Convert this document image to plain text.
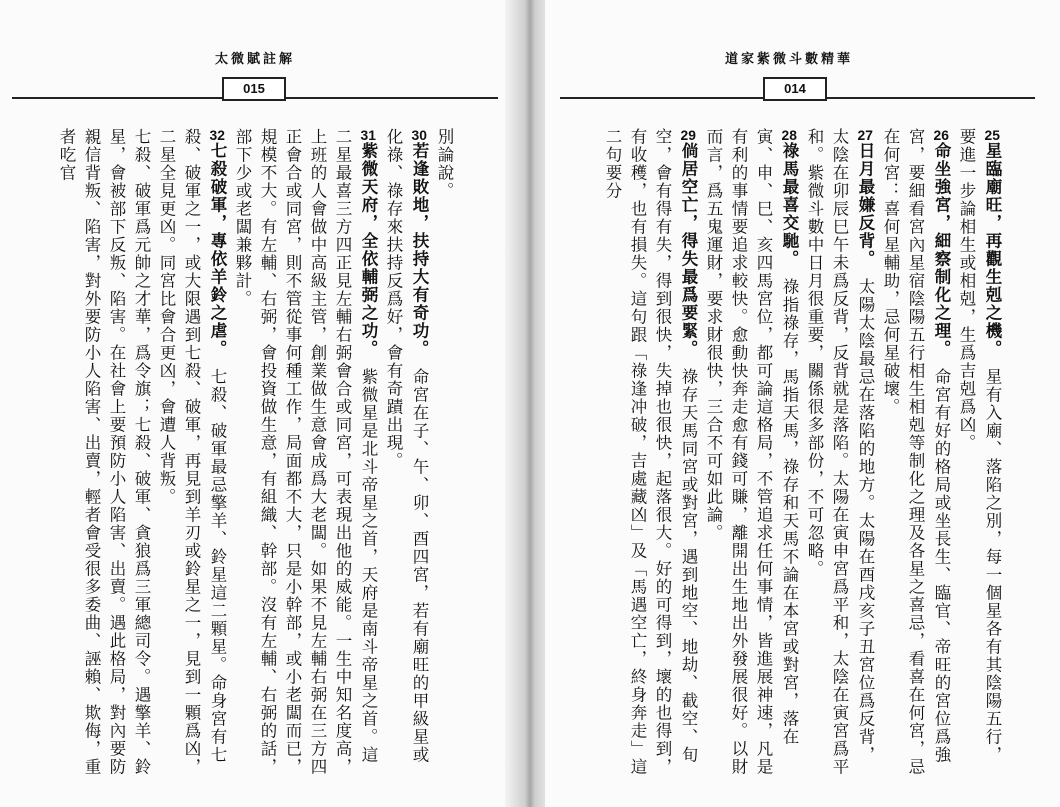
太微賦註解
015
別論說。
30若逢敗地，扶持大有奇功。　命宮在子、午、卯、酉四宮，若有廟旺的甲級星或化祿、祿存來扶持反爲好，會有奇蹟出現。
31紫微天府，全依輔弼之功。　紫微星是北斗帝星之首，天府是南斗帝星之首。這二星最喜三方四正見左輔右弼會合或同宮，可表現出他的威能。一生中知名度高，上班的人會做中高級主管，創業做生意會成爲大老闆。如果不見左輔右弼在三方四正會合或同宮，則不管從事何種工作，局面都不大，只是小幹部，或小老闆而已，規模不大。有左輔、右弼，會投資做生意，有組織、幹部。沒有左輔、右弼的話，部下少或老闆兼夥計。
32七殺破軍，專依羊鈴之虐。　七殺、破軍最忌擎羊、鈴星這二顆星。命身宮有七殺、破軍之一，或大限遇到七殺、破軍，再見到羊刃或鈴星之一，見到一顆爲凶，二星全見更凶。同宮比會合更凶，會遭人背叛。
七殺、破軍爲元帥之才華，爲令旗；七殺、破軍、貪狼爲三軍總司令。遇擎羊、鈴星，會被部下反叛、陷害。在社會上要預防小人陷害、出賣。遇此格局，對內要防親信背叛、陷害，對外要防小人陷害、出賣，輕者會受很多委曲、誣賴、欺侮，重者吃官
道家紫微斗數精華
014
25星臨廟旺，再觀生剋之機。　星有入廟、落陷之別，每一個星各有其陰陽五行，要進一步論相生或相剋，生爲吉剋爲凶。
26命坐強宮，細察制化之理。　命宮有好的格局或坐長生、臨官、帝旺的宮位爲強宮，要細看宮內星宿陰陽五行相生相剋等制化之理及各星之喜忌，看喜在何宮，忌在何宮：喜何星輔助，忌何星破壞。
27日月最嫌反背。　太陽太陰最忌在落陷的地方。太陽在酉戌亥子丑宮位爲反背，太陰在卯辰巳午未爲反背，反背就是落陷。太陽在寅申宮爲平和，太陰在寅宮爲平和。紫微斗數中日月很重要，關係很多部份，不可忽略。
28祿馬最喜交馳。　祿指祿存，馬指天馬，祿存和天馬不論在本宮或對宮，落在寅、申、巳、亥四馬宮位，都可論這格局，不管追求任何事情，皆進展神速，凡是有利的事情要追求較快。愈動快奔走愈有錢可賺，離開出生地出外發展很好。以財而言，爲五鬼運財，要求財很快，三合不可如此論。
29倘居空亡，得失最爲要緊。　祿存天馬同宮或對宮，遇到地空、地劫、截空、旬空，會有得有失，得到很快，失掉也很快，起落很大。好的可得到，壞的也得到，有收穫，也有損失。這句跟「祿逢冲破，吉處藏凶」及「馬遇空亡，終身奔走」這二句要分
